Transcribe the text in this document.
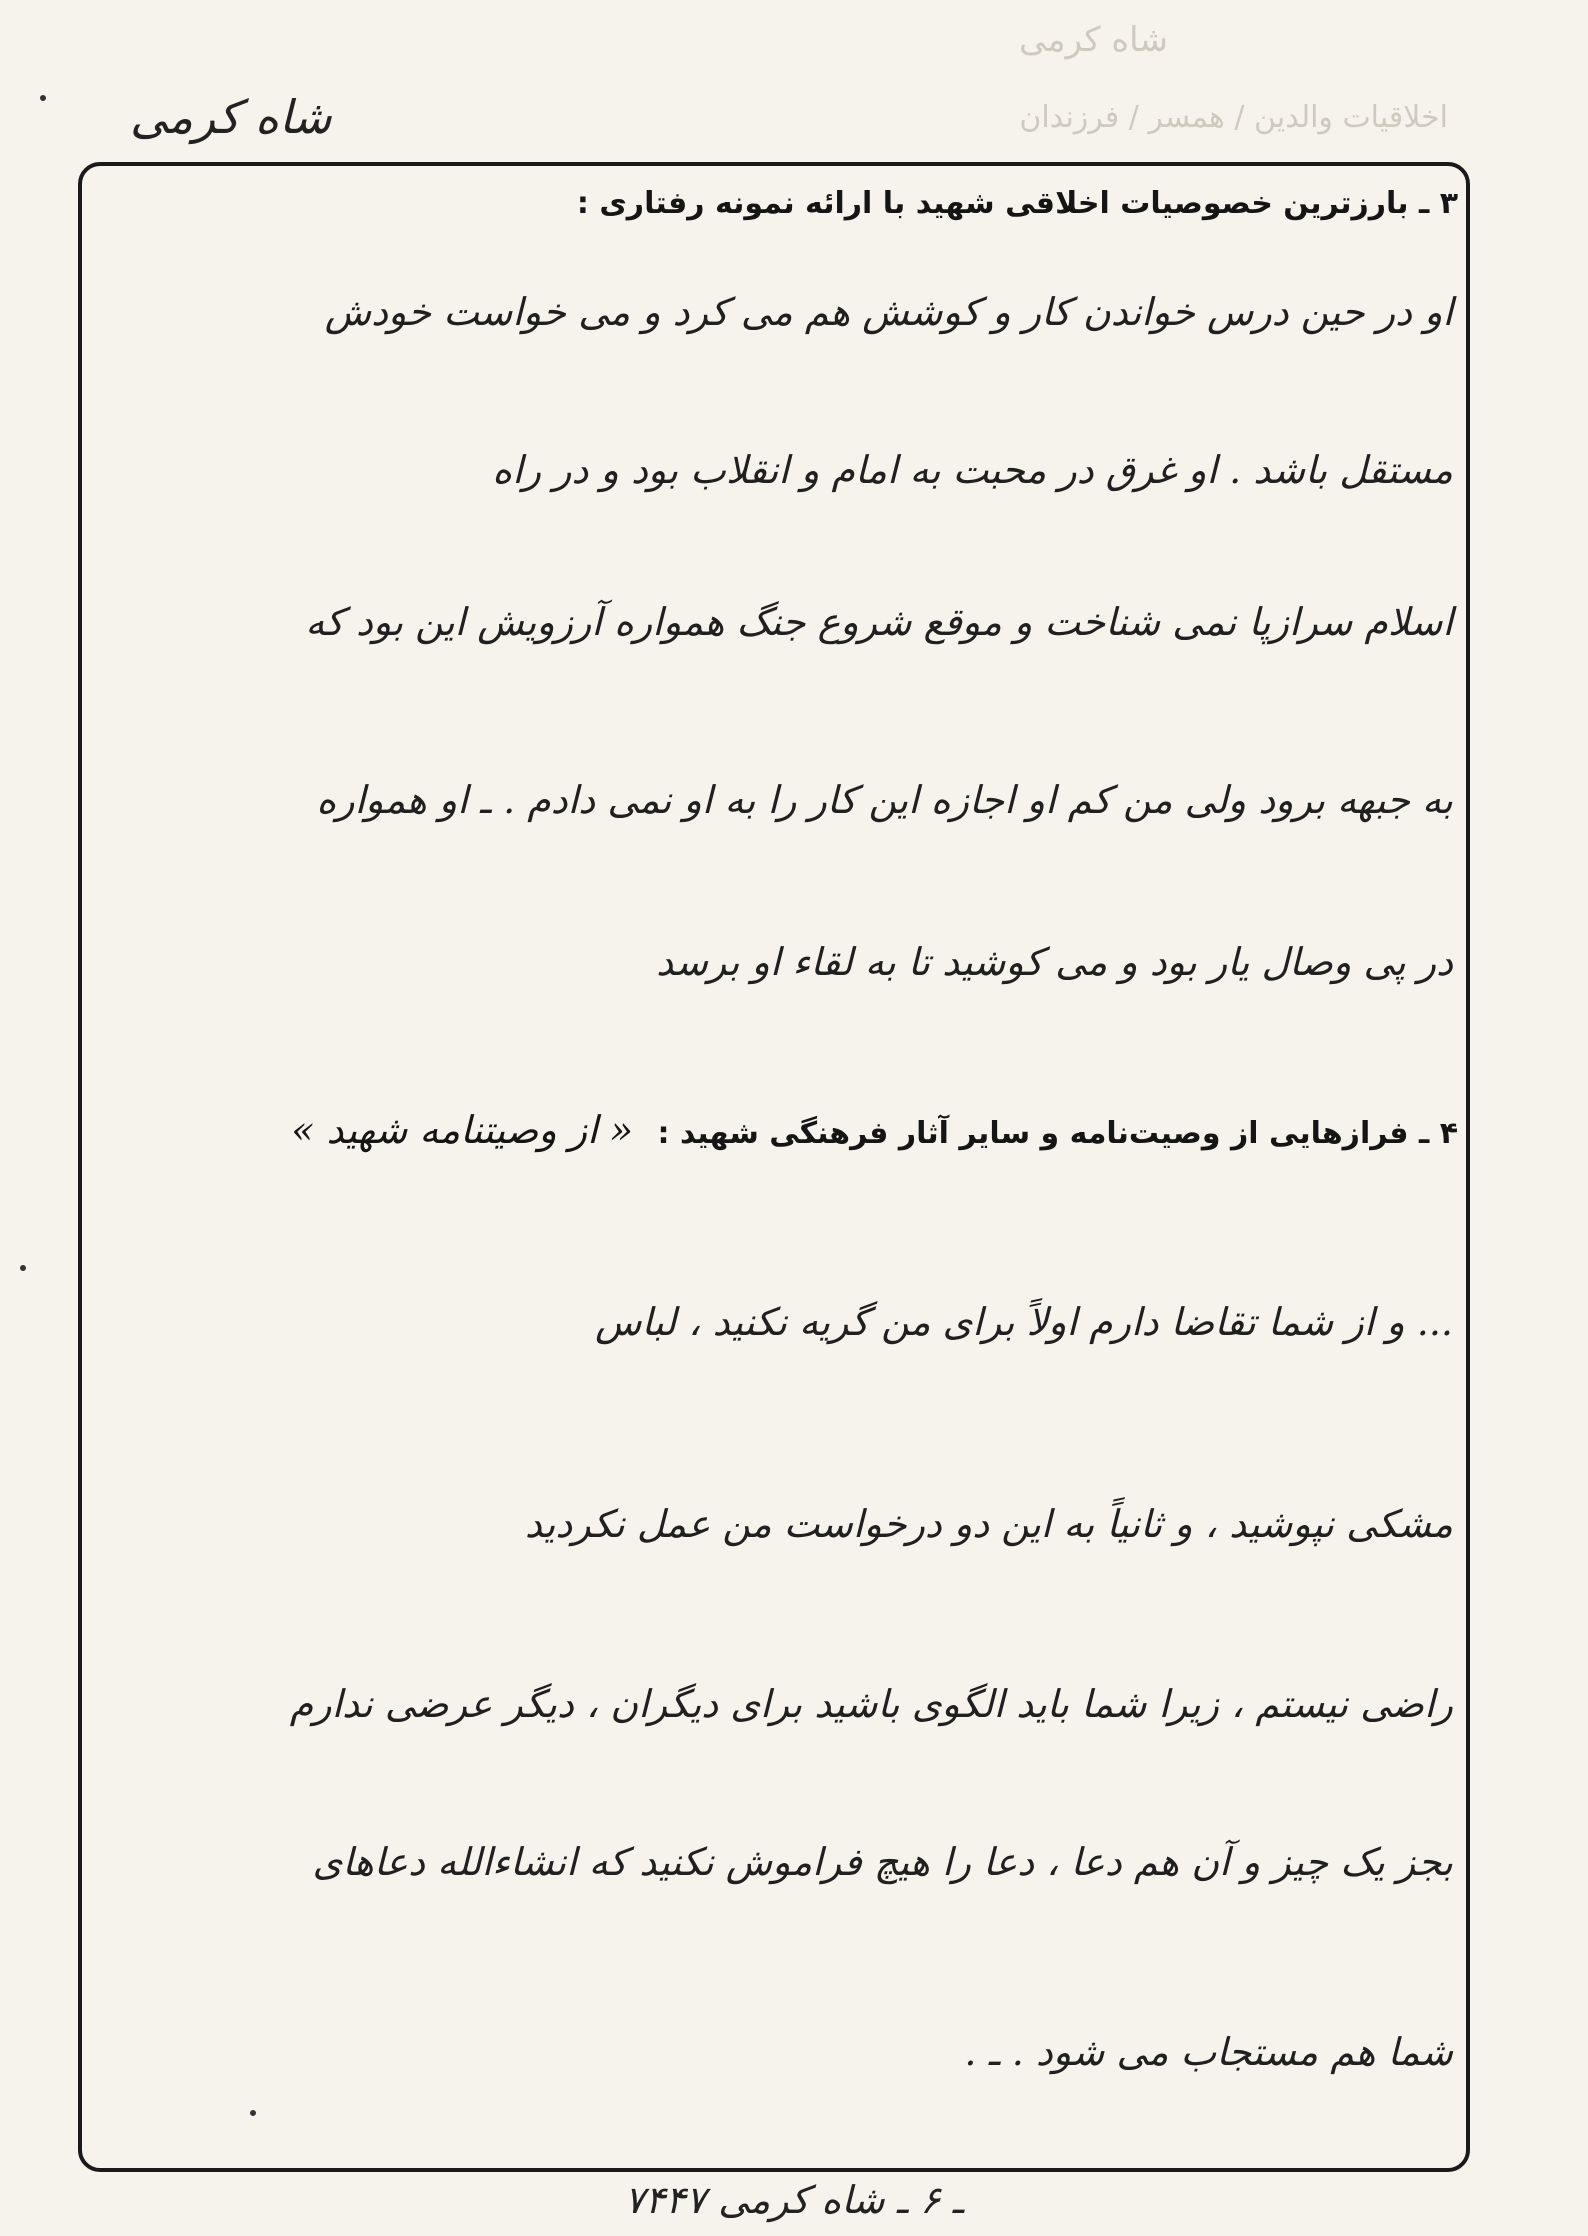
شاه کرمی
اخلاقیات والدین / همسر / فرزندان
شاه کرمی
۳ ـ بارزترین خصوصیات اخلاقی شهید با ارائه نمونه رفتاری :
او در حین درس خواندن کار و کوشش هم می کرد و می خواست خودش
مستقل باشد . او غرق در محبت به امام و انقلاب بود و در راه
اسلام سرازپا نمی شناخت و موقع شروع جنگ همواره آرزویش این بود که
به جبهه برود ولی من کم او اجازه این کار را به او نمی دادم . ـ او همواره
در پی وصال یار بود و می کوشید تا به لقاء او برسد
۴ ـ فرازهایی از وصیت‌نامه و سایر آثار فرهنگی شهید : « از وصیتنامه شهید »
... و از شما تقاضا دارم اولاً برای من گریه نکنید ، لباس
مشکی نپوشید ، و ثانیاً به این دو درخواست من عمل نکردید
راضی نیستم ، زیرا شما باید الگوی باشید برای دیگران ، دیگر عرضی ندارم
بجز یک چیز و آن هم دعا ، دعا را هیچ فراموش نکنید که انشاءالله دعاهای
شما هم مستجاب می شود . ـ .
۷۴۴۷ ـ ۶ ـ شاه کرمی
